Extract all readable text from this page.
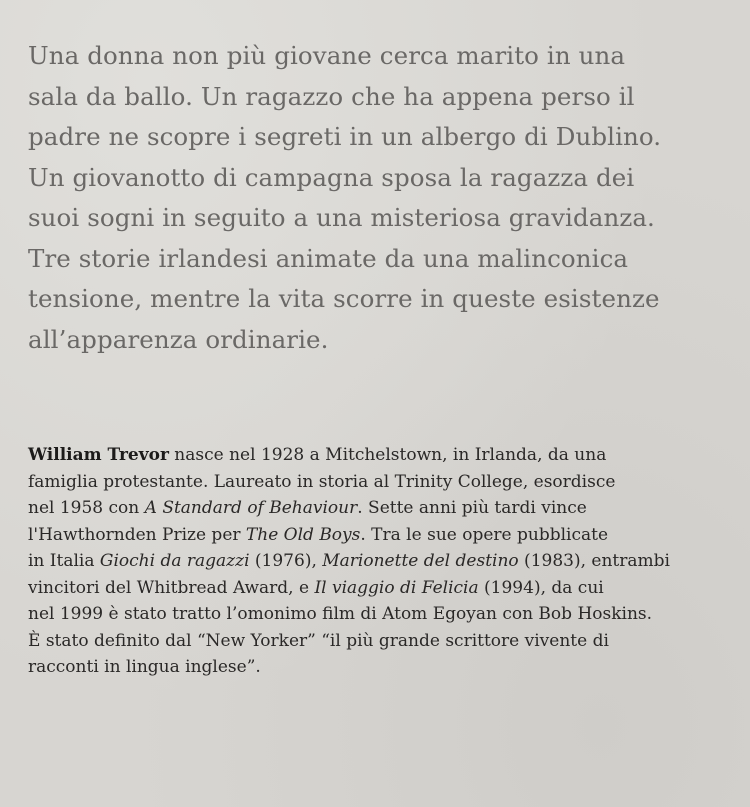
Una donna non più giovane cerca marito in una
sala da ballo. Un ragazzo che ha appena perso il
padre ne scopre i segreti in un albergo di Dublino.
Un giovanotto di campagna sposa la ragazza dei
suoi sogni in seguito a una misteriosa gravidanza.
Tre storie irlandesi animate da una malinconica
tensione, mentre la vita scorre in queste esistenze
all’apparenza ordinarie.
William Trevor nasce nel 1928 a Mitchelstown, in Irlanda, da una
famiglia protestante. Laureato in storia al Trinity College, esordisce
nel 1958 con A Standard of Behaviour. Sette anni più tardi vince
l'Hawthornden Prize per The Old Boys. Tra le sue opere pubblicate
in Italia Giochi da ragazzi (1976), Marionette del destino (1983), entrambi
vincitori del Whitbread Award, e Il viaggio di Felicia (1994), da cui
nel 1999 è stato tratto l’omonimo film di Atom Egoyan con Bob Hoskins.
È stato definito dal “New Yorker” “il più grande scrittore vivente di
racconti in lingua inglese”.
